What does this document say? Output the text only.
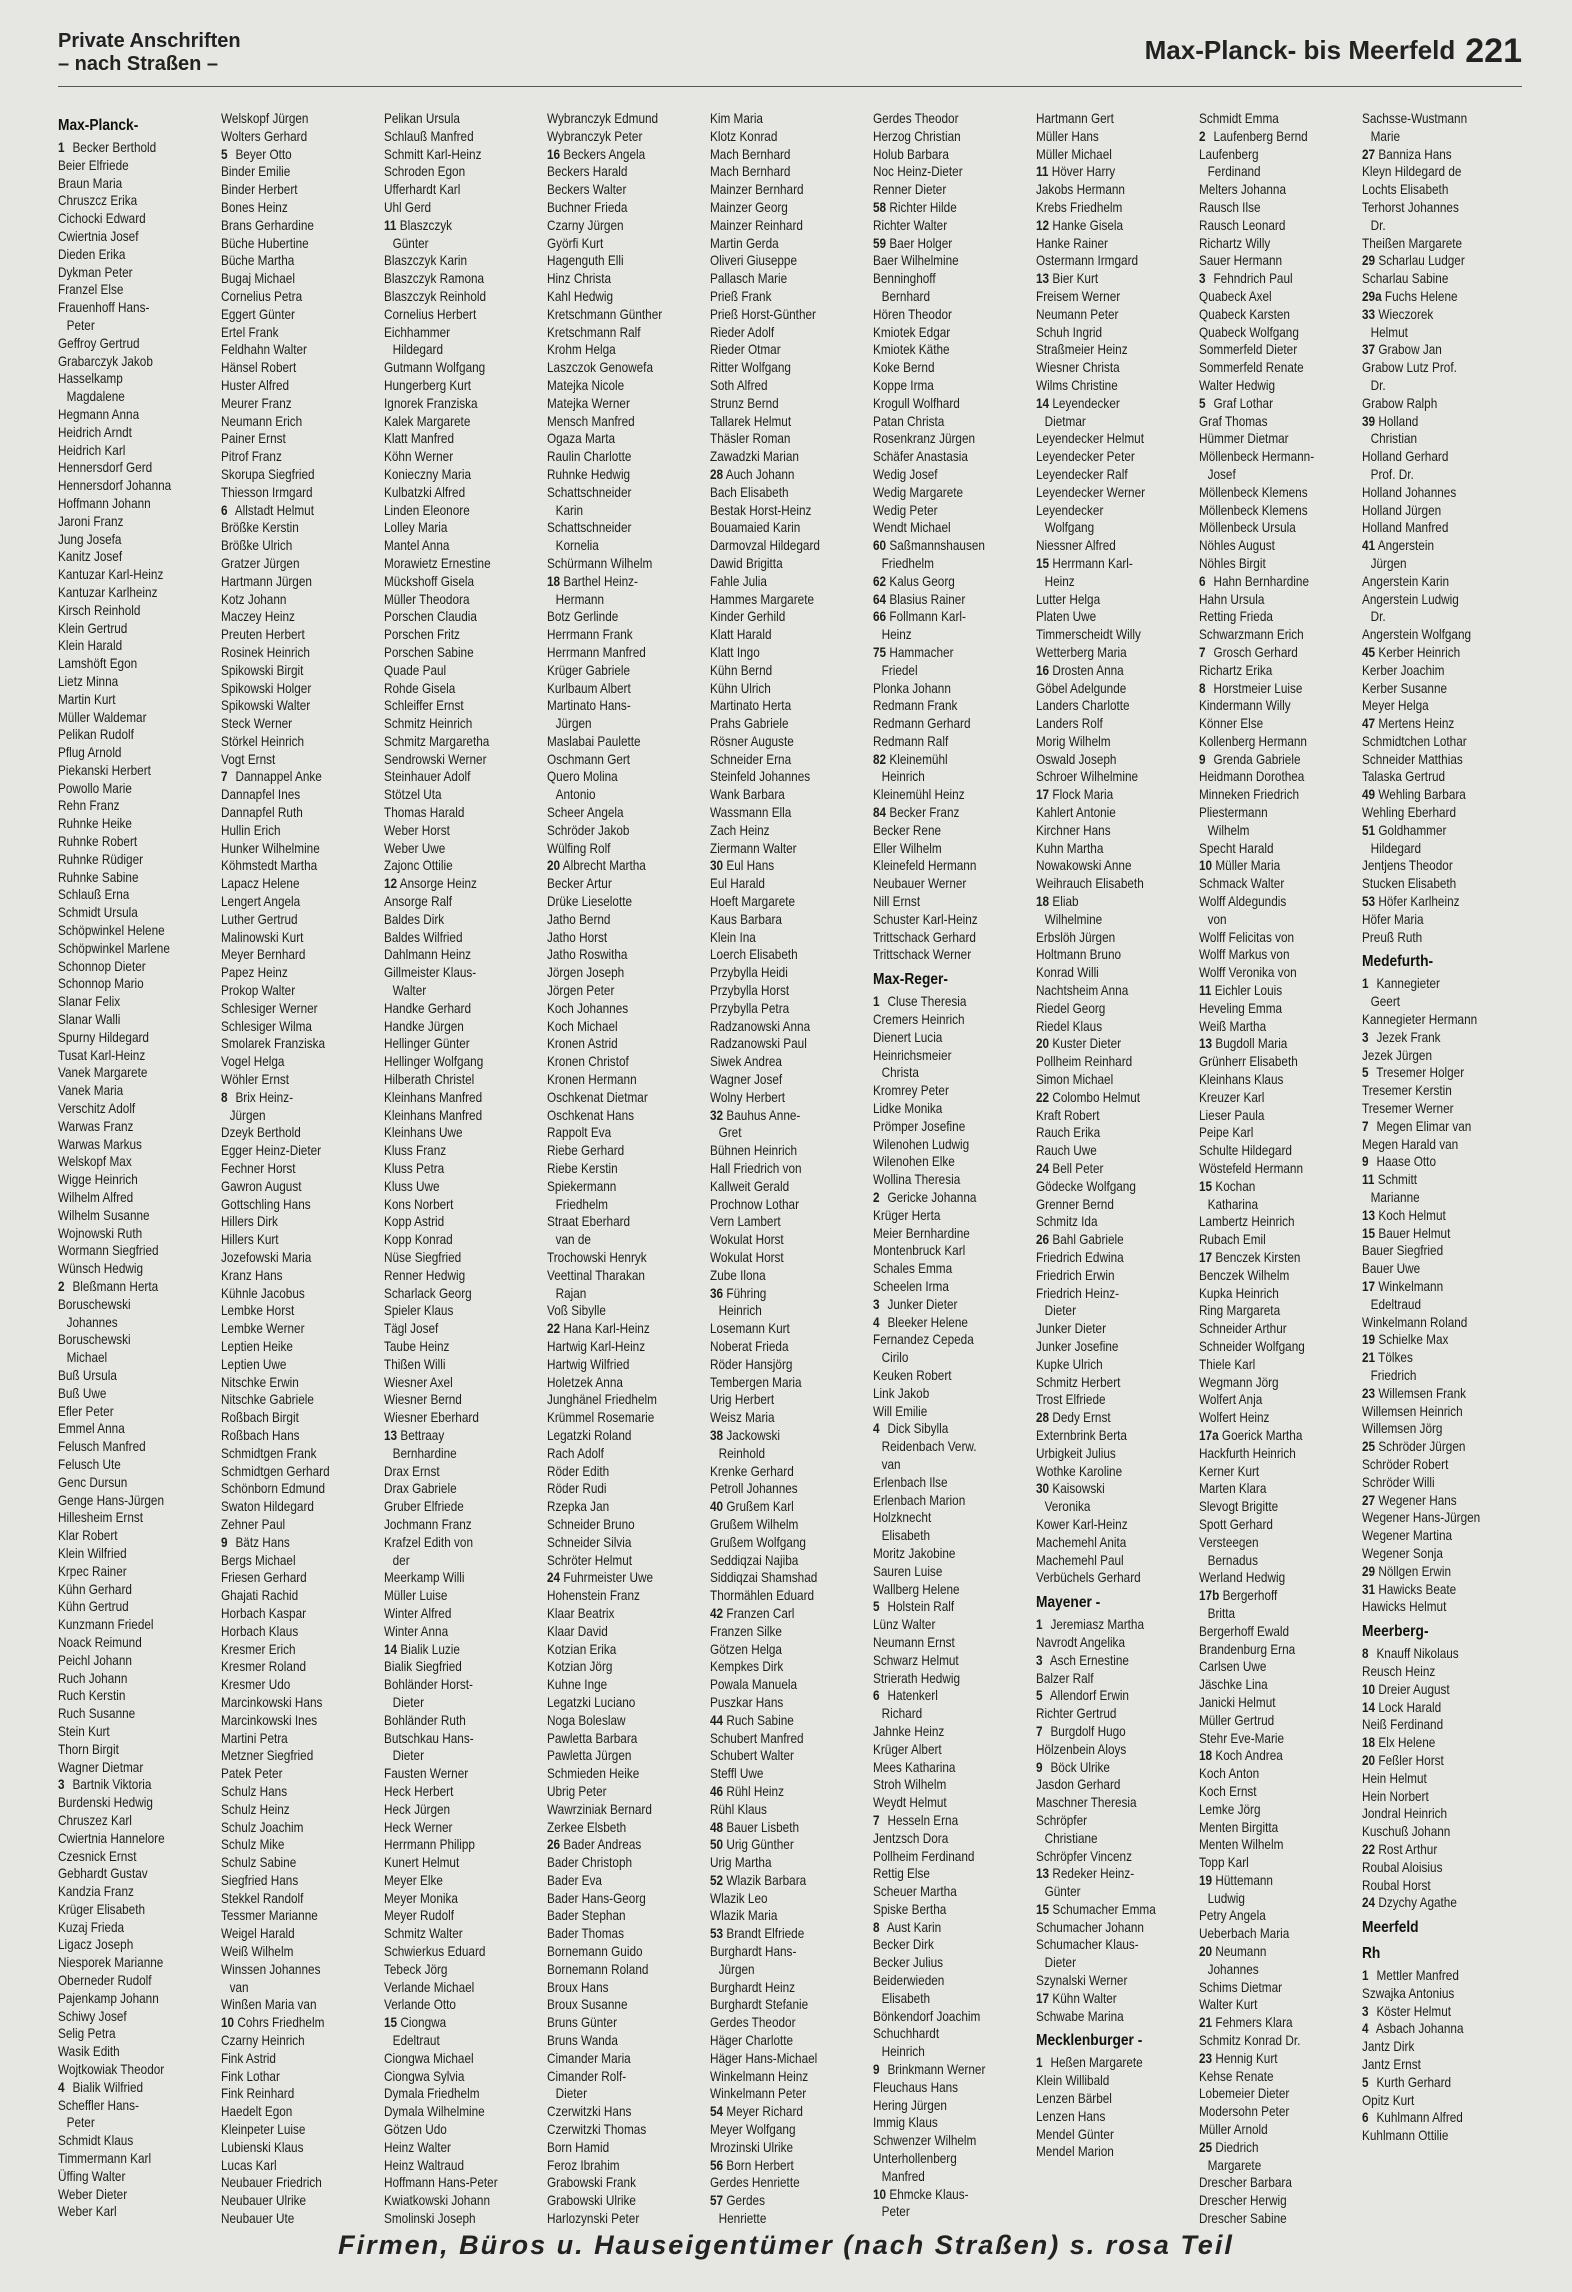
Private Anschriften
– nach Straßen –	Max-Planck- bis Meerfeld 221
Max-Planck-
1 Becker Berthold
Beier Elfriede
Braun Maria
Chruszcz Erika
Cichocki Edward
Cwiertnia Josef
Dieden Erika
Dykman Peter
Franzel Else
Frauenhoff Hans-
Peter
Geffroy Gertrud
Grabarczyk Jakob
Hasselkamp
Magdalene
Hegmann Anna
Heidrich Arndt
Heidrich Karl
Hennersdorf Gerd
Hennersdorf Johanna
Hoffmann Johann
Jaroni Franz
Jung Josefa
Kanitz Josef
Kantuzar Karl-Heinz
Kantuzar Karlheinz
Kirsch Reinhold
Klein Gertrud
Klein Harald
Lamshöft Egon
Lietz Minna
Martin Kurt
Müller Waldemar
Pelikan Rudolf
Pflug Arnold
Piekanski Herbert
Powollo Marie
Rehn Franz
Ruhnke Heike
Ruhnke Robert
Ruhnke Rüdiger
Ruhnke Sabine
Schlauß Erna
Schmidt Ursula
Schöpwinkel Helene
Schöpwinkel Marlene
Schonnop Dieter
Schonnop Mario
Slanar Felix
Slanar Walli
Spurny Hildegard
Tusat Karl-Heinz
Vanek Margarete
Vanek Maria
Verschitz Adolf
Warwas Franz
Warwas Markus
Welskopf Max
Wigge Heinrich
Wilhelm Alfred
Wilhelm Susanne
Wojnowski Ruth
Wormann Siegfried
Wünsch Hedwig
2 Bleßmann Herta
Boruschewski
Johannes
Boruschewski
Michael
Buß Ursula
Buß Uwe
Efler Peter
Emmel Anna
Felusch Manfred
Felusch Ute
Genc Dursun
Genge Hans-Jürgen
Hillesheim Ernst
Klar Robert
Klein Wilfried
Krpec Rainer
Kühn Gerhard
Kühn Gertrud
Kunzmann Friedel
Noack Reimund
Peichl Johann
Ruch Johann
Ruch Kerstin
Ruch Susanne
Stein Kurt
Thorn Birgit
Wagner Dietmar
3 Bartnik Viktoria
Burdenski Hedwig
Chruszez Karl
Cwiertnia Hannelore
Czesnick Ernst
Gebhardt Gustav
Kandzia Franz
Krüger Elisabeth
Kuzaj Frieda
Ligacz Joseph
Niesporek Marianne
Oberneder Rudolf
Pajenkamp Johann
Schiwy Josef
Selig Petra
Wasik Edith
Wojtkowiak Theodor
4 Bialik Wilfried
Scheffler Hans-
Peter
Schmidt Klaus
Timmermann Karl
Üffing Walter
Weber Dieter
Weber Karl
Welskopf Jürgen
Wolters Gerhard
5 Beyer Otto
Binder Emilie
Binder Herbert
Bones Heinz
Brans Gerhardine
Büche Hubertine
Büche Martha
Bugaj Michael
Cornelius Petra
Eggert Günter
Ertel Frank
Feldhahn Walter
Hänsel Robert
Huster Alfred
Meurer Franz
Neumann Erich
Painer Ernst
Pitrof Franz
Skorupa Siegfried
Thiesson Irmgard
6 Allstadt Helmut
Brößke Kerstin
Brößke Ulrich
Gratzer Jürgen
Hartmann Jürgen
Kotz Johann
Maczey Heinz
Preuten Herbert
Rosinek Heinrich
Spikowski Birgit
Spikowski Holger
Spikowski Walter
Steck Werner
Störkel Heinrich
Vogt Ernst
7 Dannappel Anke
Dannapfel Ines
Dannapfel Ruth
Hullin Erich
Hunker Wilhelmine
Köhmstedt Martha
Lapacz Helene
Lengert Angela
Luther Gertrud
Malinowski Kurt
Meyer Bernhard
Papez Heinz
Prokop Walter
Schlesiger Werner
Schlesiger Wilma
Smolarek Franziska
Vogel Helga
Wöhler Ernst
8 Brix Heinz-
Jürgen
Dzeyk Berthold
Egger Heinz-Dieter
Fechner Horst
Gawron August
Gottschling Hans
Hillers Dirk
Hillers Kurt
Jozefowski Maria
Kranz Hans
Kühnle Jacobus
Lembke Horst
Lembke Werner
Leptien Heike
Leptien Uwe
Nitschke Erwin
Nitschke Gabriele
Roßbach Birgit
Roßbach Hans
Schmidtgen Frank
Schmidtgen Gerhard
Schönborn Edmund
Swaton Hildegard
Zehner Paul
9 Bätz Hans
Bergs Michael
Friesen Gerhard
Ghajati Rachid
Horbach Kaspar
Horbach Klaus
Kresmer Erich
Kresmer Roland
Kresmer Udo
Marcinkowski Hans
Marcinkowski Ines
Martini Petra
Metzner Siegfried
Patek Peter
Schulz Hans
Schulz Heinz
Schulz Joachim
Schulz Mike
Schulz Sabine
Siegfried Hans
Stekkel Randolf
Tessmer Marianne
Weigel Harald
Weiß Wilhelm
Winssen Johannes
van
Winßen Maria van
10 Cohrs Friedhelm
Czarny Heinrich
Fink Astrid
Fink Lothar
Fink Reinhard
Haedelt Egon
Kleinpeter Luise
Lubienski Klaus
Lucas Karl
Neubauer Friedrich
Neubauer Ulrike
Neubauer Ute
Pelikan Ursula
Schlauß Manfred
Schmitt Karl-Heinz
Schroden Egon
Ufferhardt Karl
Uhl Gerd
11 Blaszczyk
Günter
Blaszczyk Karin
Blaszczyk Ramona
Blaszczyk Reinhold
Cornelius Herbert
Eichhammer
Hildegard
Gutmann Wolfgang
Hungerberg Kurt
Ignorek Franziska
Kalek Margarete
Klatt Manfred
Köhn Werner
Konieczny Maria
Kulbatzki Alfred
Linden Eleonore
Lolley Maria
Mantel Anna
Morawietz Ernestine
Mückshoff Gisela
Müller Theodora
Porschen Claudia
Porschen Fritz
Porschen Sabine
Quade Paul
Rohde Gisela
Schleiffer Ernst
Schmitz Heinrich
Schmitz Margaretha
Sendrowski Werner
Steinhauer Adolf
Stötzel Uta
Thomas Harald
Weber Horst
Weber Uwe
Zajonc Ottilie
12 Ansorge Heinz
Ansorge Ralf
Baldes Dirk
Baldes Wilfried
Dahlmann Heinz
Gillmeister Klaus-
Walter
Handke Gerhard
Handke Jürgen
Hellinger Günter
Hellinger Wolfgang
Hilberath Christel
Kleinhans Manfred
Kleinhans Manfred
Kleinhans Uwe
Kluss Franz
Kluss Petra
Kluss Uwe
Kons Norbert
Kopp Astrid
Kopp Konrad
Nüse Siegfried
Renner Hedwig
Scharlack Georg
Spieler Klaus
Tägl Josef
Taube Heinz
Thißen Willi
Wiesner Axel
Wiesner Bernd
Wiesner Eberhard
13 Bettraay
Bernhardine
Drax Ernst
Drax Gabriele
Gruber Elfriede
Jochmann Franz
Krafzel Edith von
der
Meerkamp Willi
Müller Luise
Winter Alfred
Winter Anna
14 Bialik Luzie
Bialik Siegfried
Bohländer Horst-
Dieter
Bohländer Ruth
Butschkau Hans-
Dieter
Fausten Werner
Heck Herbert
Heck Jürgen
Heck Werner
Herrmann Philipp
Kunert Helmut
Meyer Elke
Meyer Monika
Meyer Rudolf
Schmitz Walter
Schwierkus Eduard
Tebeck Jörg
Verlande Michael
Verlande Otto
15 Ciongwa
Edeltraut
Ciongwa Michael
Ciongwa Sylvia
Dymala Friedhelm
Dymala Wilhelmine
Götzen Udo
Heinz Walter
Heinz Waltraud
Hoffmann Hans-Peter
Kwiatkowski Johann
Smolinski Joseph
Wybranczyk Edmund
Wybranczyk Peter
16 Beckers Angela
Beckers Harald
Beckers Walter
Buchner Frieda
Czarny Jürgen
Györfi Kurt
Hagenguth Elli
Hinz Christa
Kahl Hedwig
Kretschmann Günther
Kretschmann Ralf
Krohm Helga
Laszczok Genowefa
Matejka Nicole
Matejka Werner
Mensch Manfred
Ogaza Marta
Raulin Charlotte
Ruhnke Hedwig
Schattschneider
Karin
Schattschneider
Kornelia
Schürmann Wilhelm
18 Barthel Heinz-
Hermann
Botz Gerlinde
Herrmann Frank
Herrmann Manfred
Krüger Gabriele
Kurlbaum Albert
Martinato Hans-
Jürgen
Maslabai Paulette
Oschmann Gert
Quero Molina
Antonio
Scheer Angela
Schröder Jakob
Wülfing Rolf
20 Albrecht Martha
Becker Artur
Drüke Lieselotte
Jatho Bernd
Jatho Horst
Jatho Roswitha
Jörgen Joseph
Jörgen Peter
Koch Johannes
Koch Michael
Kronen Astrid
Kronen Christof
Kronen Hermann
Oschkenat Dietmar
Oschkenat Hans
Rappolt Eva
Riebe Gerhard
Riebe Kerstin
Spiekermann
Friedhelm
Straat Eberhard
van de
Trochowski Henryk
Veettinal Tharakan
Rajan
Voß Sibylle
22 Hana Karl-Heinz
Hartwig Karl-Heinz
Hartwig Wilfried
Holetzek Anna
Junghänel Friedhelm
Krümmel Rosemarie
Legatzki Roland
Rach Adolf
Röder Edith
Röder Rudi
Rzepka Jan
Schneider Bruno
Schneider Silvia
Schröter Helmut
24 Fuhrmeister Uwe
Hohenstein Franz
Klaar Beatrix
Klaar David
Kotzian Erika
Kotzian Jörg
Kuhne Inge
Legatzki Luciano
Noga Boleslaw
Pawletta Barbara
Pawletta Jürgen
Schmieden Heike
Ubrig Peter
Wawrziniak Bernard
Zerkee Elsbeth
26 Bader Andreas
Bader Christoph
Bader Eva
Bader Hans-Georg
Bader Stephan
Bader Thomas
Bornemann Guido
Bornemann Roland
Broux Hans
Broux Susanne
Bruns Günter
Bruns Wanda
Cimander Maria
Cimander Rolf-
Dieter
Czerwitzki Hans
Czerwitzki Thomas
Born Hamid
Feroz Ibrahim
Grabowski Frank
Grabowski Ulrike
Harlozynski Peter
Kim Maria
Klotz Konrad
Mach Bernhard
Mach Bernhard
Mainzer Bernhard
Mainzer Georg
Mainzer Reinhard
Martin Gerda
Oliveri Giuseppe
Pallasch Marie
Prieß Frank
Prieß Horst-Günther
Rieder Adolf
Rieder Otmar
Ritter Wolfgang
Soth Alfred
Strunz Bernd
Tallarek Helmut
Thäsler Roman
Zawadzki Marian
28 Auch Johann
Bach Elisabeth
Bestak Horst-Heinz
Bouamaied Karin
Darmovzal Hildegard
Dawid Brigitta
Fahle Julia
Hammes Margarete
Kinder Gerhild
Klatt Harald
Klatt Ingo
Kühn Bernd
Kühn Ulrich
Martinato Herta
Prahs Gabriele
Rösner Auguste
Schneider Erna
Steinfeld Johannes
Wank Barbara
Wassmann Ella
Zach Heinz
Ziermann Walter
30 Eul Hans
Eul Harald
Hoeft Margarete
Kaus Barbara
Klein Ina
Loerch Elisabeth
Przybylla Heidi
Przybylla Horst
Przybylla Petra
Radzanowski Anna
Radzanowski Paul
Siwek Andrea
Wagner Josef
Wolny Herbert
32 Bauhus Anne-
Gret
Bühnen Heinrich
Hall Friedrich von
Kallweit Gerald
Prochnow Lothar
Vern Lambert
Wokulat Horst
Wokulat Horst
Zube Ilona
36 Führing
Heinrich
Losemann Kurt
Noberat Frieda
Röder Hansjörg
Tembergen Maria
Urig Herbert
Weisz Maria
38 Jackowski
Reinhold
Krenke Gerhard
Petroll Johannes
40 Grußem Karl
Grußem Wilhelm
Grußem Wolfgang
Seddiqzai Najiba
Siddiqzai Shamshad
Thormählen Eduard
42 Franzen Carl
Franzen Silke
Götzen Helga
Kempkes Dirk
Powala Manuela
Puszkar Hans
44 Ruch Sabine
Schubert Manfred
Schubert Walter
Steffl Uwe
46 Rühl Heinz
Rühl Klaus
48 Bauer Lisbeth
50 Urig Günther
Urig Martha
52 Wlazik Barbara
Wlazik Leo
Wlazik Maria
53 Brandt Elfriede
Burghardt Hans-
Jürgen
Burghardt Heinz
Burghardt Stefanie
Gerdes Theodor
Häger Charlotte
Häger Hans-Michael
Winkelmann Heinz
Winkelmann Peter
54 Meyer Richard
Meyer Wolfgang
Mrozinski Ulrike
56 Born Herbert
Gerdes Henriette
57 Gerdes
Henriette
Gerdes Theodor
Herzog Christian
Holub Barbara
Noc Heinz-Dieter
Renner Dieter
58 Richter Hilde
Richter Walter
59 Baer Holger
Baer Wilhelmine
Benninghoff
Bernhard
Hören Theodor
Kmiotek Edgar
Kmiotek Käthe
Koke Bernd
Koppe Irma
Krogull Wolfhard
Patan Christa
Rosenkranz Jürgen
Schäfer Anastasia
Wedig Josef
Wedig Margarete
Wedig Peter
Wendt Michael
60 Saßmannshausen
Friedhelm
62 Kalus Georg
64 Blasius Rainer
66 Follmann Karl-
Heinz
75 Hammacher
Friedel
Plonka Johann
Redmann Frank
Redmann Gerhard
Redmann Ralf
82 Kleinemühl
Heinrich
Kleinemühl Heinz
84 Becker Franz
Becker Rene
Eller Wilhelm
Kleinefeld Hermann
Neubauer Werner
Nill Ernst
Schuster Karl-Heinz
Trittschack Gerhard
Trittschack Werner
Max-Reger-
1 Cluse Theresia
Cremers Heinrich
Dienert Lucia
Heinrichsmeier
Christa
Kromrey Peter
Lidke Monika
Prömper Josefine
Wilenohen Ludwig
Wilenohen Elke
Wollina Theresia
2 Gericke Johanna
Krüger Herta
Meier Bernhardine
Montenbruck Karl
Schales Emma
Scheelen Irma
3 Junker Dieter
4 Bleeker Helene
Fernandez Cepeda
Cirilo
Keuken Robert
Link Jakob
Will Emilie
4 Dick Sibylla
Reidenbach Verw.
van
Erlenbach Ilse
Erlenbach Marion
Holzknecht
Elisabeth
Moritz Jakobine
Sauren Luise
Wallberg Helene
5 Holstein Ralf
Lünz Walter
Neumann Ernst
Schwarz Helmut
Strierath Hedwig
6 Hatenkerl
Richard
Jahnke Heinz
Krüger Albert
Mees Katharina
Stroh Wilhelm
Weydt Helmut
7 Hesseln Erna
Jentzsch Dora
Pollheim Ferdinand
Rettig Else
Scheuer Martha
Spiske Bertha
8 Aust Karin
Becker Dirk
Becker Julius
Beiderwieden
Elisabeth
Bönkendorf Joachim
Schuchhardt
Heinrich
9 Brinkmann Werner
Fleuchaus Hans
Hering Jürgen
Immig Klaus
Schwenzer Wilhelm
Unterhollenberg
Manfred
10 Ehmcke Klaus-
Peter
Hartmann Gert
Müller Hans
Müller Michael
11 Höver Harry
Jakobs Hermann
Krebs Friedhelm
12 Hanke Gisela
Hanke Rainer
Ostermann Irmgard
13 Bier Kurt
Freisem Werner
Neumann Peter
Schuh Ingrid
Straßmeier Heinz
Wiesner Christa
Wilms Christine
14 Leyendecker
Dietmar
Leyendecker Helmut
Leyendecker Peter
Leyendecker Ralf
Leyendecker Werner
Leyendecker
Wolfgang
Niessner Alfred
15 Herrmann Karl-
Heinz
Lutter Helga
Platen Uwe
Timmerscheidt Willy
Wetterberg Maria
16 Drosten Anna
Göbel Adelgunde
Landers Charlotte
Landers Rolf
Morig Wilhelm
Oswald Joseph
Schroer Wilhelmine
17 Flock Maria
Kahlert Antonie
Kirchner Hans
Kuhn Martha
Nowakowski Anne
Weihrauch Elisabeth
18 Eliab
Wilhelmine
Erbslöh Jürgen
Holtmann Bruno
Konrad Willi
Nachtsheim Anna
Riedel Georg
Riedel Klaus
20 Kuster Dieter
Pollheim Reinhard
Simon Michael
22 Colombo Helmut
Kraft Robert
Rauch Erika
Rauch Uwe
24 Bell Peter
Gödecke Wolfgang
Grenner Bernd
Schmitz Ida
26 Bahl Gabriele
Friedrich Edwina
Friedrich Erwin
Friedrich Heinz-
Dieter
Junker Dieter
Junker Josefine
Kupke Ulrich
Schmitz Herbert
Trost Elfriede
28 Dedy Ernst
Externbrink Berta
Urbigkeit Julius
Wothke Karoline
30 Kaisowski
Veronika
Kower Karl-Heinz
Machemehl Anita
Machemehl Paul
Verbüchels Gerhard
Mayener -
1 Jeremiasz Martha
Navrodt Angelika
3 Asch Ernestine
Balzer Ralf
5 Allendorf Erwin
Richter Gertrud
7 Burgdolf Hugo
Hölzenbein Aloys
9 Böck Ulrike
Jasdon Gerhard
Maschner Theresia
Schröpfer
Christiane
Schröpfer Vincenz
13 Redeker Heinz-
Günter
15 Schumacher Emma
Schumacher Johann
Schumacher Klaus-
Dieter
Szynalski Werner
17 Kühn Walter
Schwabe Marina
Mecklenburger -
1 Heßen Margarete
Klein Willibald
Lenzen Bärbel
Lenzen Hans
Mendel Günter
Mendel Marion
Schmidt Emma
2 Laufenberg Bernd
Laufenberg
Ferdinand
Melters Johanna
Rausch Ilse
Rausch Leonard
Richartz Willy
Sauer Hermann
3 Fehndrich Paul
Quabeck Axel
Quabeck Karsten
Quabeck Wolfgang
Sommerfeld Dieter
Sommerfeld Renate
Walter Hedwig
5 Graf Lothar
Graf Thomas
Hümmer Dietmar
Möllenbeck Hermann-
Josef
Möllenbeck Klemens
Möllenbeck Klemens
Möllenbeck Ursula
Nöhles August
Nöhles Birgit
6 Hahn Bernhardine
Hahn Ursula
Retting Frieda
Schwarzmann Erich
7 Grosch Gerhard
Richartz Erika
8 Horstmeier Luise
Kindermann Willy
Könner Else
Kollenberg Hermann
9 Grenda Gabriele
Heidmann Dorothea
Minneken Friedrich
Pliestermann
Wilhelm
Specht Harald
10 Müller Maria
Schmack Walter
Wolff Aldegundis
von
Wolff Felicitas von
Wolff Markus von
Wolff Veronika von
11 Eichler Louis
Heveling Emma
Weiß Martha
13 Bugdoll Maria
Grünherr Elisabeth
Kleinhans Klaus
Kreuzer Karl
Lieser Paula
Peipe Karl
Schulte Hildegard
Wöstefeld Hermann
15 Kochan
Katharina
Lambertz Heinrich
Rubach Emil
17 Benczek Kirsten
Benczek Wilhelm
Kupka Heinrich
Ring Margareta
Schneider Arthur
Schneider Wolfgang
Thiele Karl
Wegmann Jörg
Wolfert Anja
Wolfert Heinz
17a Goerick Martha
Hackfurth Heinrich
Kerner Kurt
Marten Klara
Slevogt Brigitte
Spott Gerhard
Versteegen
Bernadus
Werland Hedwig
17b Bergerhoff
Britta
Bergerhoff Ewald
Brandenburg Erna
Carlsen Uwe
Jäschke Lina
Janicki Helmut
Müller Gertrud
Stehr Eve-Marie
18 Koch Andrea
Koch Anton
Koch Ernst
Lemke Jörg
Menten Birgitta
Menten Wilhelm
Topp Karl
19 Hüttemann
Ludwig
Petry Angela
Ueberbach Maria
20 Neumann
Johannes
Schims Dietmar
Walter Kurt
21 Fehmers Klara
Schmitz Konrad Dr.
23 Hennig Kurt
Kehse Renate
Lobemeier Dieter
Modersohn Peter
Müller Arnold
25 Diedrich
Margarete
Drescher Barbara
Drescher Herwig
Drescher Sabine
Sachsse-Wustmann
Marie
27 Banniza Hans
Kleyn Hildegard de
Lochts Elisabeth
Terhorst Johannes
Dr.
Theißen Margarete
29 Scharlau Ludger
Scharlau Sabine
29a Fuchs Helene
33 Wieczorek
Helmut
37 Grabow Jan
Grabow Lutz Prof.
Dr.
Grabow Ralph
39 Holland
Christian
Holland Gerhard
Prof. Dr.
Holland Johannes
Holland Jürgen
Holland Manfred
41 Angerstein
Jürgen
Angerstein Karin
Angerstein Ludwig
Dr.
Angerstein Wolfgang
45 Kerber Heinrich
Kerber Joachim
Kerber Susanne
Meyer Helga
47 Mertens Heinz
Schmidtchen Lothar
Schneider Matthias
Talaska Gertrud
49 Wehling Barbara
Wehling Eberhard
51 Goldhammer
Hildegard
Jentjens Theodor
Stucken Elisabeth
53 Höfer Karlheinz
Höfer Maria
Preuß Ruth
Medefurth-
1 Kannegieter
Geert
Kannegieter Hermann
3 Jezek Frank
Jezek Jürgen
5 Tresemer Holger
Tresemer Kerstin
Tresemer Werner
7 Megen Elimar van
Megen Harald van
9 Haase Otto
11 Schmitt
Marianne
13 Koch Helmut
15 Bauer Helmut
Bauer Siegfried
Bauer Uwe
17 Winkelmann
Edeltraud
Winkelmann Roland
19 Schielke Max
21 Tölkes
Friedrich
23 Willemsen Frank
Willemsen Heinrich
Willemsen Jörg
25 Schröder Jürgen
Schröder Robert
Schröder Willi
27 Wegener Hans
Wegener Hans-Jürgen
Wegener Martina
Wegener Sonja
29 Nöllgen Erwin
31 Hawicks Beate
Hawicks Helmut
Meerberg-
8 Knauff Nikolaus
Reusch Heinz
10 Dreier August
14 Lock Harald
Neiß Ferdinand
18 Elx Helene
20 Feßler Horst
Hein Helmut
Hein Norbert
Jondral Heinrich
Kuschuß Johann
22 Rost Arthur
Roubal Aloisius
Roubal Horst
24 Dzychy Agathe
Meerfeld
Rh
1 Mettler Manfred
Szwajka Antonius
3 Köster Helmut
4 Asbach Johanna
Jantz Dirk
Jantz Ernst
5 Kurth Gerhard
Opitz Kurt
6 Kuhlmann Alfred
Kuhlmann Ottilie
Firmen, Büros u. Hauseigentümer (nach Straßen) s. rosa Teil
